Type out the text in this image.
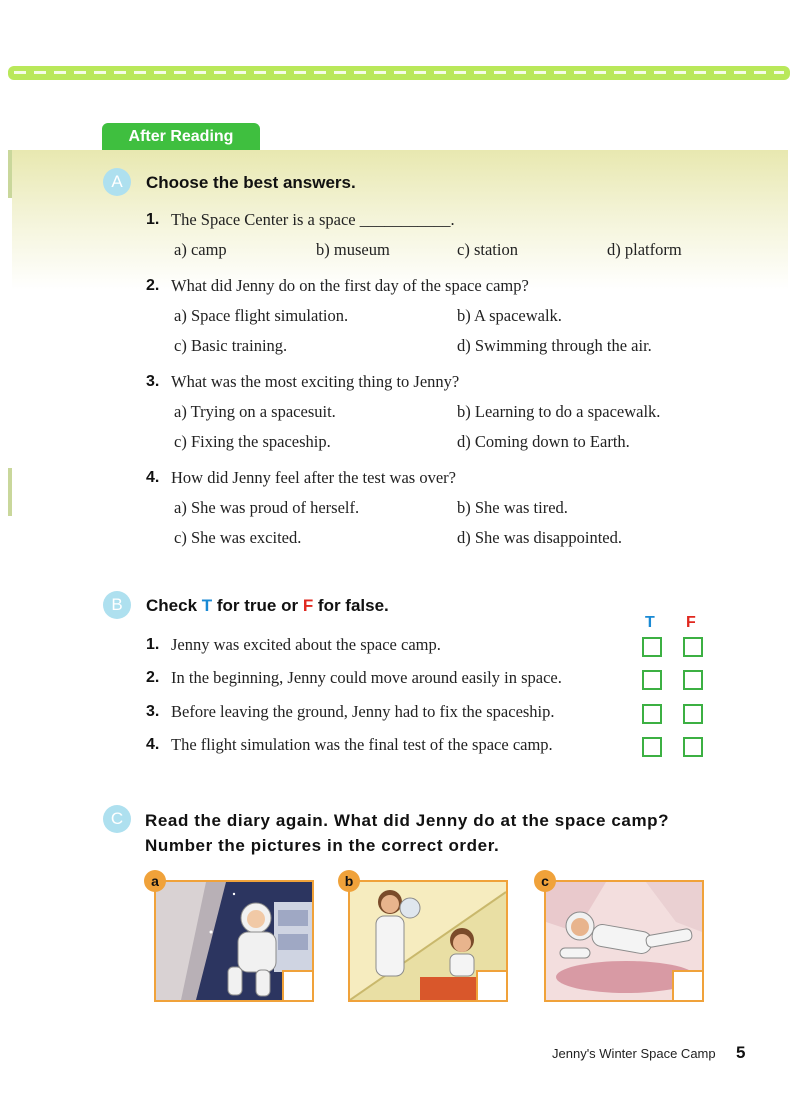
After Reading
A	Choose the best answers.
1. The Space Center is a space ___________.
a) camp	b) museum	c) station	d) platform
2. What did Jenny do on the first day of the space camp?
a) Space flight simulation.	b) A spacewalk.
c) Basic training.	d) Swimming through the air.
3. What was the most exciting thing to Jenny?
a) Trying on a spacesuit.	b) Learning to do a spacewalk.
c) Fixing the spaceship.	d) Coming down to Earth.
4. How did Jenny feel after the test was over?
a) She was proud of herself.	b) She was tired.
c) She was excited.	d) She was disappointed.
B	Check T for true or F for false.
T F
1. Jenny was excited about the space camp.
2. In the beginning, Jenny could move around easily in space.
3. Before leaving the ground, Jenny had to fix the spaceship.
4. The flight simulation was the final test of the space camp.
C	Read the diary again. What did Jenny do at the space camp?
Number the pictures in the correct order.
a	b	c
Jenny's Winter Space Camp 5
